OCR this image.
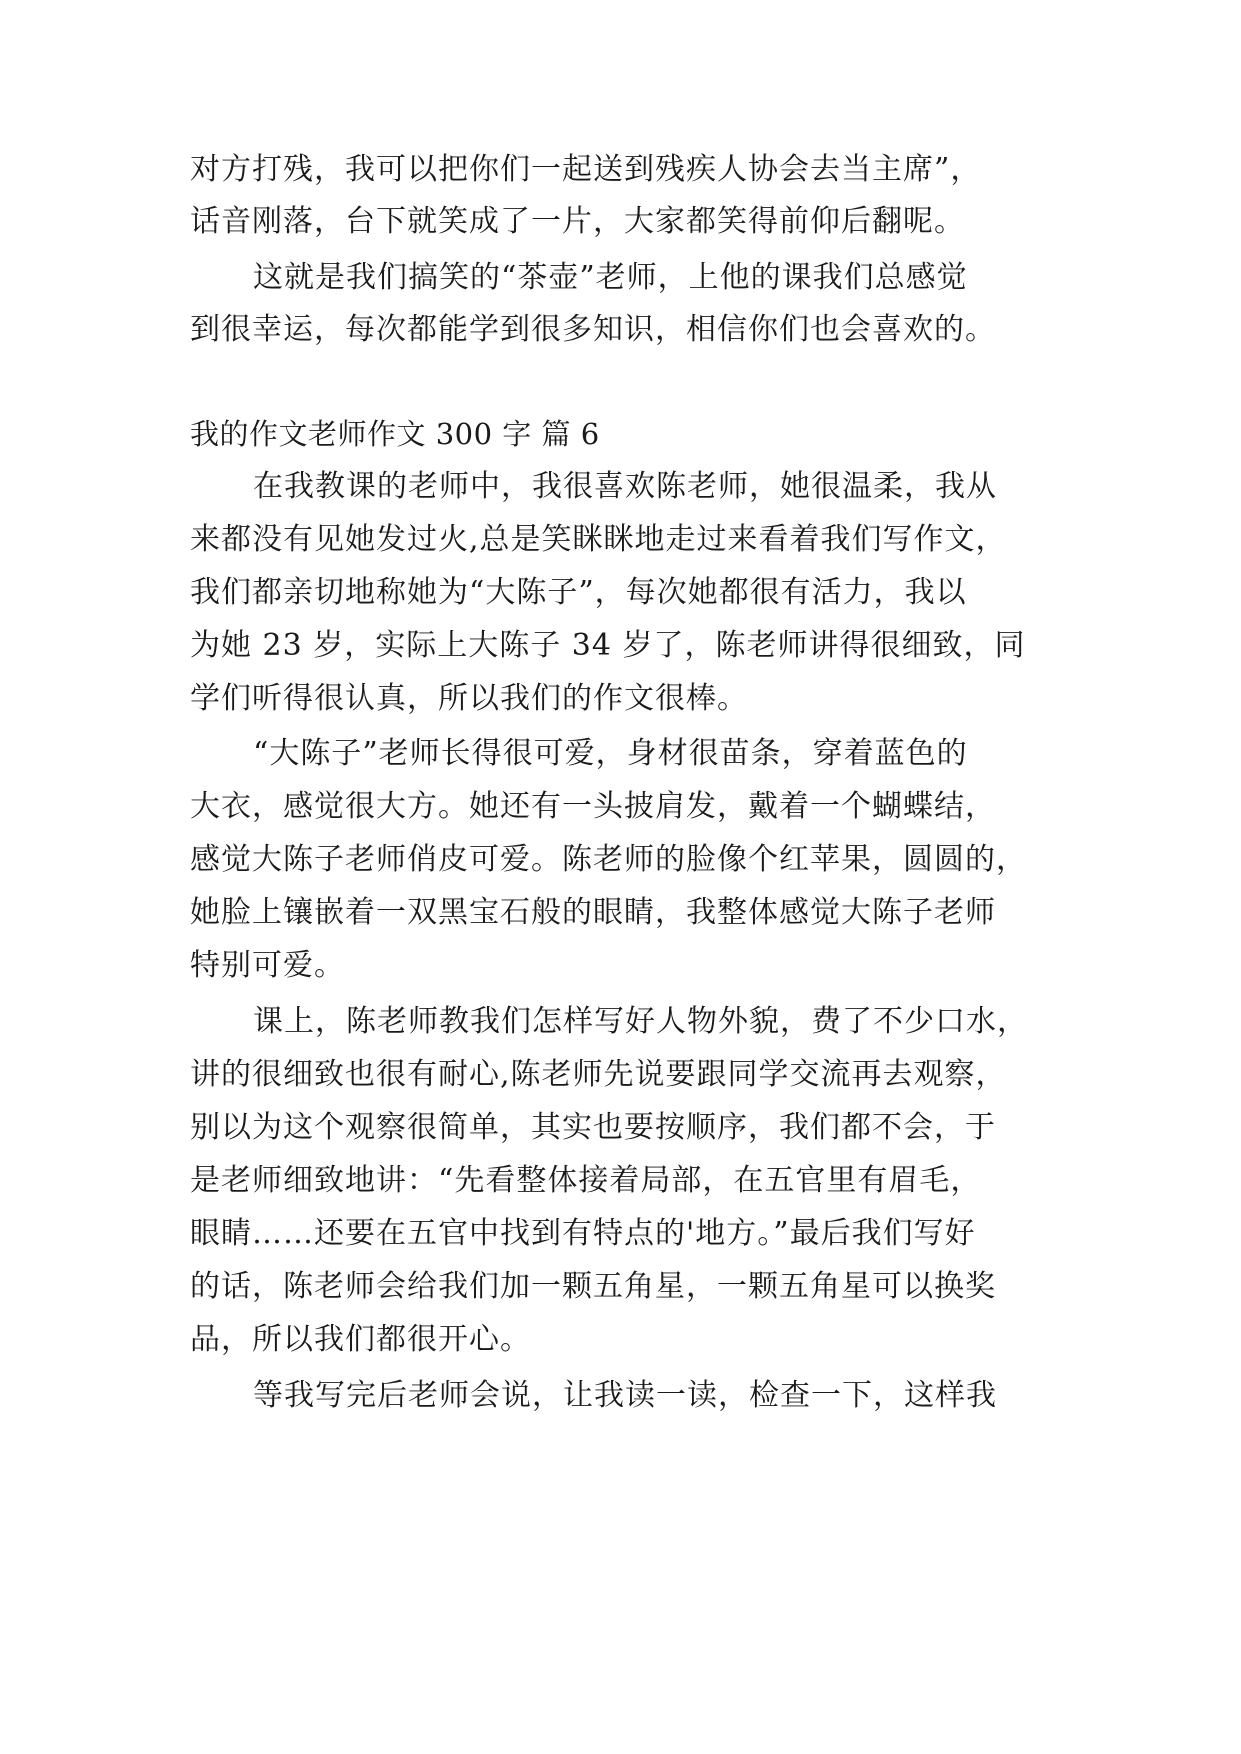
对方打残，我可以把你们一起送到残疾人协会去当主席”，
话音刚落，台下就笑成了一片，大家都笑得前仰后翻呢。
这就是我们搞笑的“茶壶”老师，上他的课我们总感觉
到很幸运，每次都能学到很多知识，相信你们也会喜欢的。
我的作文老师作文 300 字 篇 6
在我教课的老师中，我很喜欢陈老师，她很温柔，我从
来都没有见她发过火,总是笑眯眯地走过来看着我们写作文，
我们都亲切地称她为“大陈子”，每次她都很有活力，我以
为她 23 岁，实际上大陈子 34 岁了，陈老师讲得很细致，同
学们听得很认真，所以我们的作文很棒。
“大陈子”老师长得很可爱，身材很苗条，穿着蓝色的
大衣，感觉很大方。她还有一头披肩发，戴着一个蝴蝶结，
感觉大陈子老师俏皮可爱。陈老师的脸像个红苹果，圆圆的，
她脸上镶嵌着一双黑宝石般的眼睛，我整体感觉大陈子老师
特别可爱。
课上，陈老师教我们怎样写好人物外貌，费了不少口水，
讲的很细致也很有耐心,陈老师先说要跟同学交流再去观察，
别以为这个观察很简单，其实也要按顺序，我们都不会，于
是老师细致地讲：“先看整体接着局部，在五官里有眉毛，
眼睛……还要在五官中找到有特点的'地方。”最后我们写好
的话，陈老师会给我们加一颗五角星，一颗五角星可以换奖
品，所以我们都很开心。
等我写完后老师会说，让我读一读，检查一下，这样我
